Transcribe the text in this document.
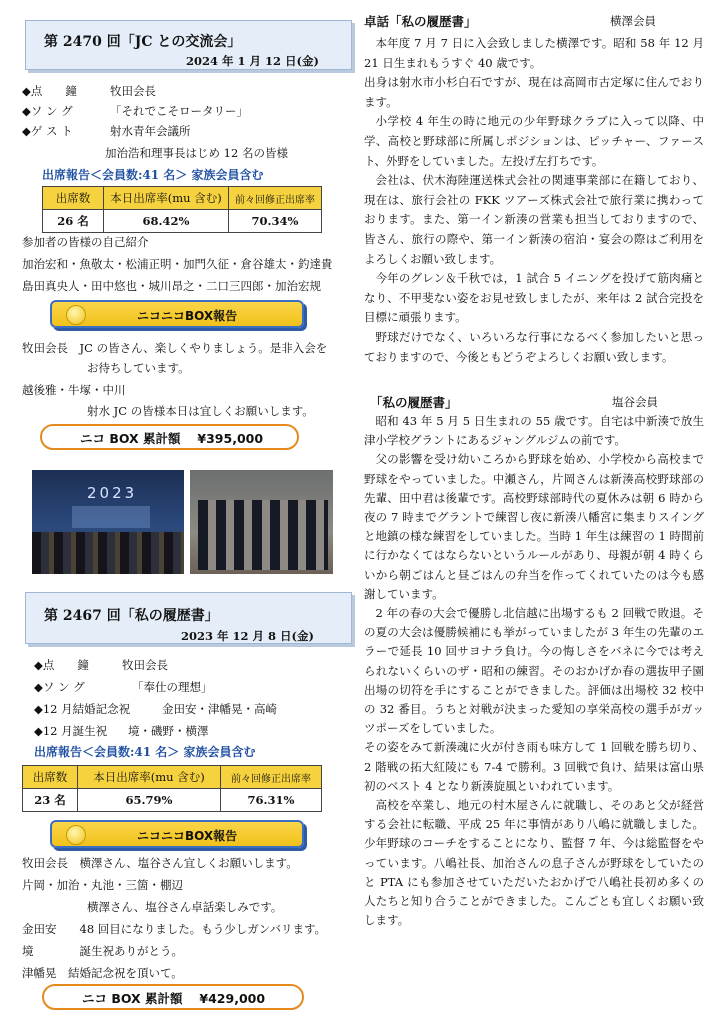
第 2470 回「JC との交流会」
2024 年 1 月 12 日(金)
◆点　　鐘	牧田会長
◆ソ ン グ	「それでこそロータリー」
◆ゲ ス ト	射水青年会議所
加治浩和理事長はじめ 12 名の皆様
出席報告＜会員数:41 名＞ 家族会員含む
出席数	本日出席率(mu 含む)	前々回修正出席率
26 名	68.42%	70.34%
参加者の皆様の自己紹介
加治宏和・魚敬太・松浦正明・加門久征・倉谷雄太・釣達貴
島田真央人・田中悠也・城川昂之・二口三四郎・加治宏规
ニコニコBOX報告
牧田会長　JC の皆さん、楽しくやりましょう。是非入会を
お待ちしています。
越後雅・牛塚・中川
射水 JC の皆様本日は宜しくお願いします。
ニコ BOX 累計額　 ¥395,000
2023
第 2467 回「私の履歴書」
2023 年 12 月 8 日(金)
◆点　　鐘	牧田会長
◆ソ ン グ	「奉仕の理想」
◆12 月結婚記念祝	金田安・津幡晃・高崎
◆12 月誕生祝 境・磯野・横澤
出席報告＜会員数:41 名＞ 家族会員含む
出席数	本日出席率(mu 含む)	前々回修正出席率
23 名	65.79%	76.31%
ニコニコBOX報告
牧田会長　横澤さん、塩谷さん宜しくお願いします。
片岡・加治・丸池・三箇・棚辺
横澤さん、塩谷さん卓話楽しみです。
金田安　　48 回目になりました。もう少しガンバリます。
境　　　　誕生祝ありがとう。
津幡晃　結婚記念祝を頂いて。
ニコ BOX 累計額　 ¥429,000
卓話「私の履歴書」	横澤会員

本年度 7 月 7 日に入会致しました横澤です。昭和 58 年 12 月 21 日生まれもうすぐ 40 歳です。

出身は射水市小杉白石ですが、現在は高岡市古定塚に住んでおります。

小学校 4 年生の時に地元の少年野球クラブに入って以降、中学、高校と野球部に所属しポジションは、ピッチャー、ファースト、外野をしていました。左投げ左打ちです。

会社は、伏木海陸運送株式会社の関連事業部に在籍しており、現在は、旅行会社の FKK ツアーズ株式会社で旅行業に携わっております。また、第一イン新湊の営業も担当しておりますので、皆さん、旅行の際や、第一イン新湊の宿泊・宴会の際はご利用をよろしくお願い致します。

今年のグレン＆千秋では，1 試合 5 イニングを投げて筋肉痛となり、不甲斐ない姿をお見せ致しましたが、来年は 2 試合完投を目標に頑張ります。

野球だけでなく、いろいろな行事になるべく参加したいと思っておりますので、今後ともどうぞよろしくお願い致します。

「私の履歴書」	塩谷会員

昭和 43 年 5 月 5 日生まれの 55 歳です。自宅は中新湊で放生津小学校グラントにあるジャングルジムの前です。

父の影響を受け幼いころから野球を始め、小学校から高校まで野球をやっていました。中瀬さん，片岡さんは新湊高校野球部の先輩、田中君は後輩です。高校野球部時代の夏休みは朝 6 時から夜の 7 時までグラントで練習し夜に新湊八幡宮に集まりスイングと地鎮の様な練習をしていました。当時 1 年生は練習の 1 時間前に行かなくてはならないというルールがあり、母親が朝 4 時くらいから朝ごはんと昼ごはんの弁当を作ってくれていたのは今も感謝しています。

2 年の春の大会で優勝し北信越に出場するも 2 回戦で敗退。その夏の大会は優勝候補にも挙がっていましたが 3 年生の先輩のエラーで延長 10 回サヨナラ負け。今の悔しさをバネに今では考えられないくらいのザ・昭和の練習。そのおかげか春の選抜甲子園出場の切符を手にすることができました。評価は出場校 32 校中の 32 番目。うちと対戦が決まった愛知の享栄高校の選手がガッツポーズをしていました。

その姿をみて新湊魂に火が付き雨も味方して 1 回戦を勝ち切り、2 階戦の拓大紅陵にも 7-4 で勝利。3 回戦で負け、結果は富山県初のベスト 4 となり新湊旋風といわれています。

高校を卒業し、地元の村木屋さんに就職し、そのあと父が経営する会社に転職、平成 25 年に事情があり八嶋に就職しました。少年野球のコーチをすることになり、監督 7 年、今は総監督をやっています。八嶋社長、加治さんの息子さんが野球をしていたのと PTA にも参加させていただいたおかげで八嶋社長初め多くの人たちと知り合うことができました。こんごとも宜しくお願い致します。
